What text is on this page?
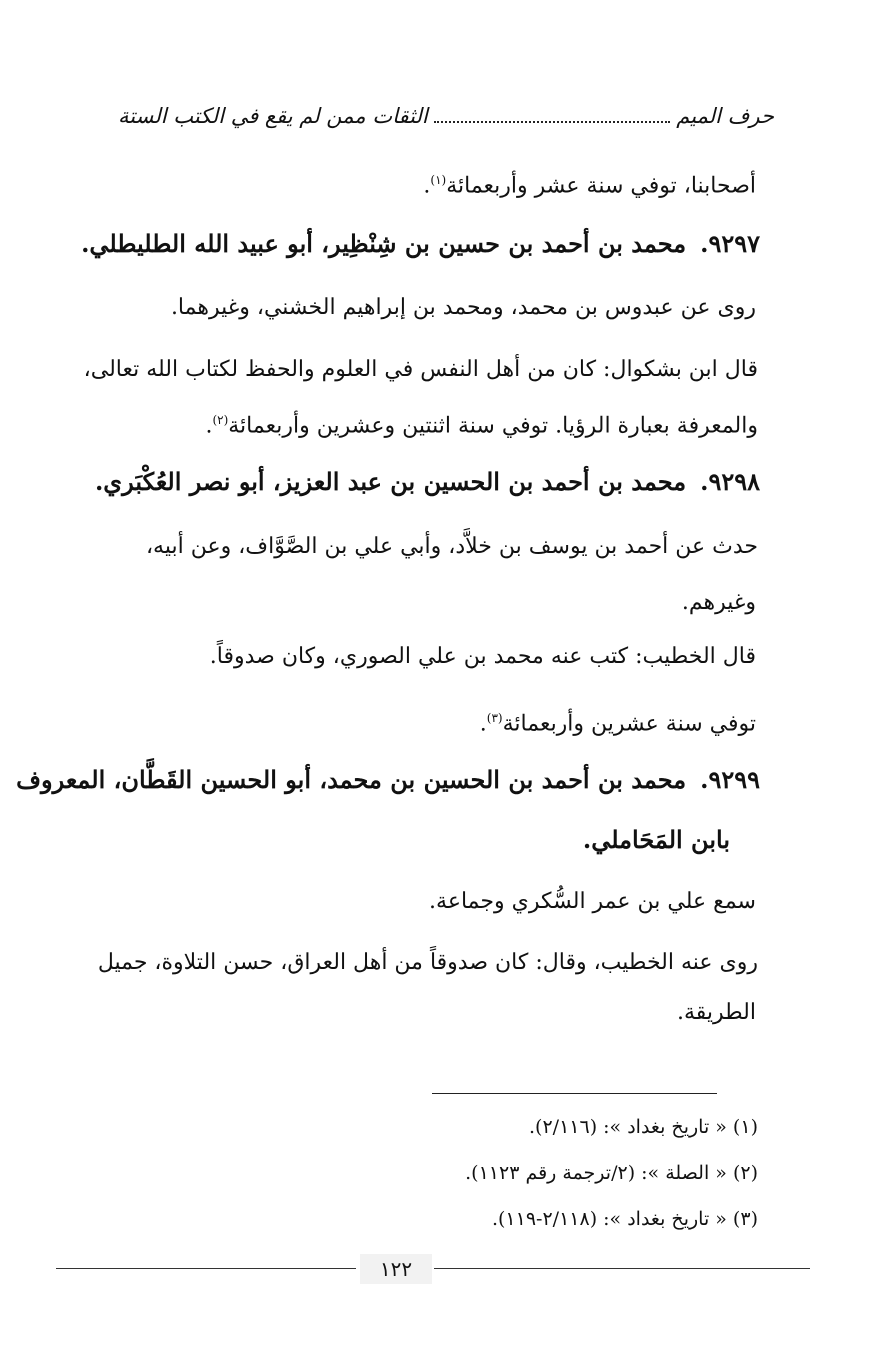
حرف الميم
الثقات ممن لم يقع في الكتب الستة
أصحابنا، توفي سنة عشر وأربعمائة$^{(١)}$.
٩٢٩٧.محمد بن أحمد بن حسين بن شِنْظِير، أبو عبيد الله الطليطلي.
روى عن عبدوس بن محمد، ومحمد بن إبراهيم الخشني، وغيرهما.
قال ابن بشكوال: كان من أهل النفس في العلوم والحفظ لكتاب الله تعالى،
والمعرفة بعبارة الرؤيا. توفي سنة اثنتين وعشرين وأربعمائة$^{(٢)}$.
٩٢٩٨.محمد بن أحمد بن الحسين بن عبد العزيز، أبو نصر العُكْبَري.
حدث عن أحمد بن يوسف بن خلاَّد، وأبي علي بن الصَّوَّاف، وعن أبيه،
وغيرهم.
قال الخطيب: كتب عنه محمد بن علي الصوري، وكان صدوقاً.
توفي سنة عشرين وأربعمائة$^{(٣)}$.
٩٢٩٩.محمد بن أحمد بن الحسين بن محمد، أبو الحسين القَطَّان، المعروف
بابن المَحَاملي.
سمع علي بن عمر السُّكري وجماعة.
روى عنه الخطيب، وقال: كان صدوقاً من أهل العراق، حسن التلاوة، جميل
الطريقة.
(١) « تاريخ بغداد »: (٢/١١٦).
(٢) « الصلة »: (٢/ترجمة رقم ١١٢٣).
(٣) « تاريخ بغداد »: (٢/١١٨-١١٩).
١٢٢
